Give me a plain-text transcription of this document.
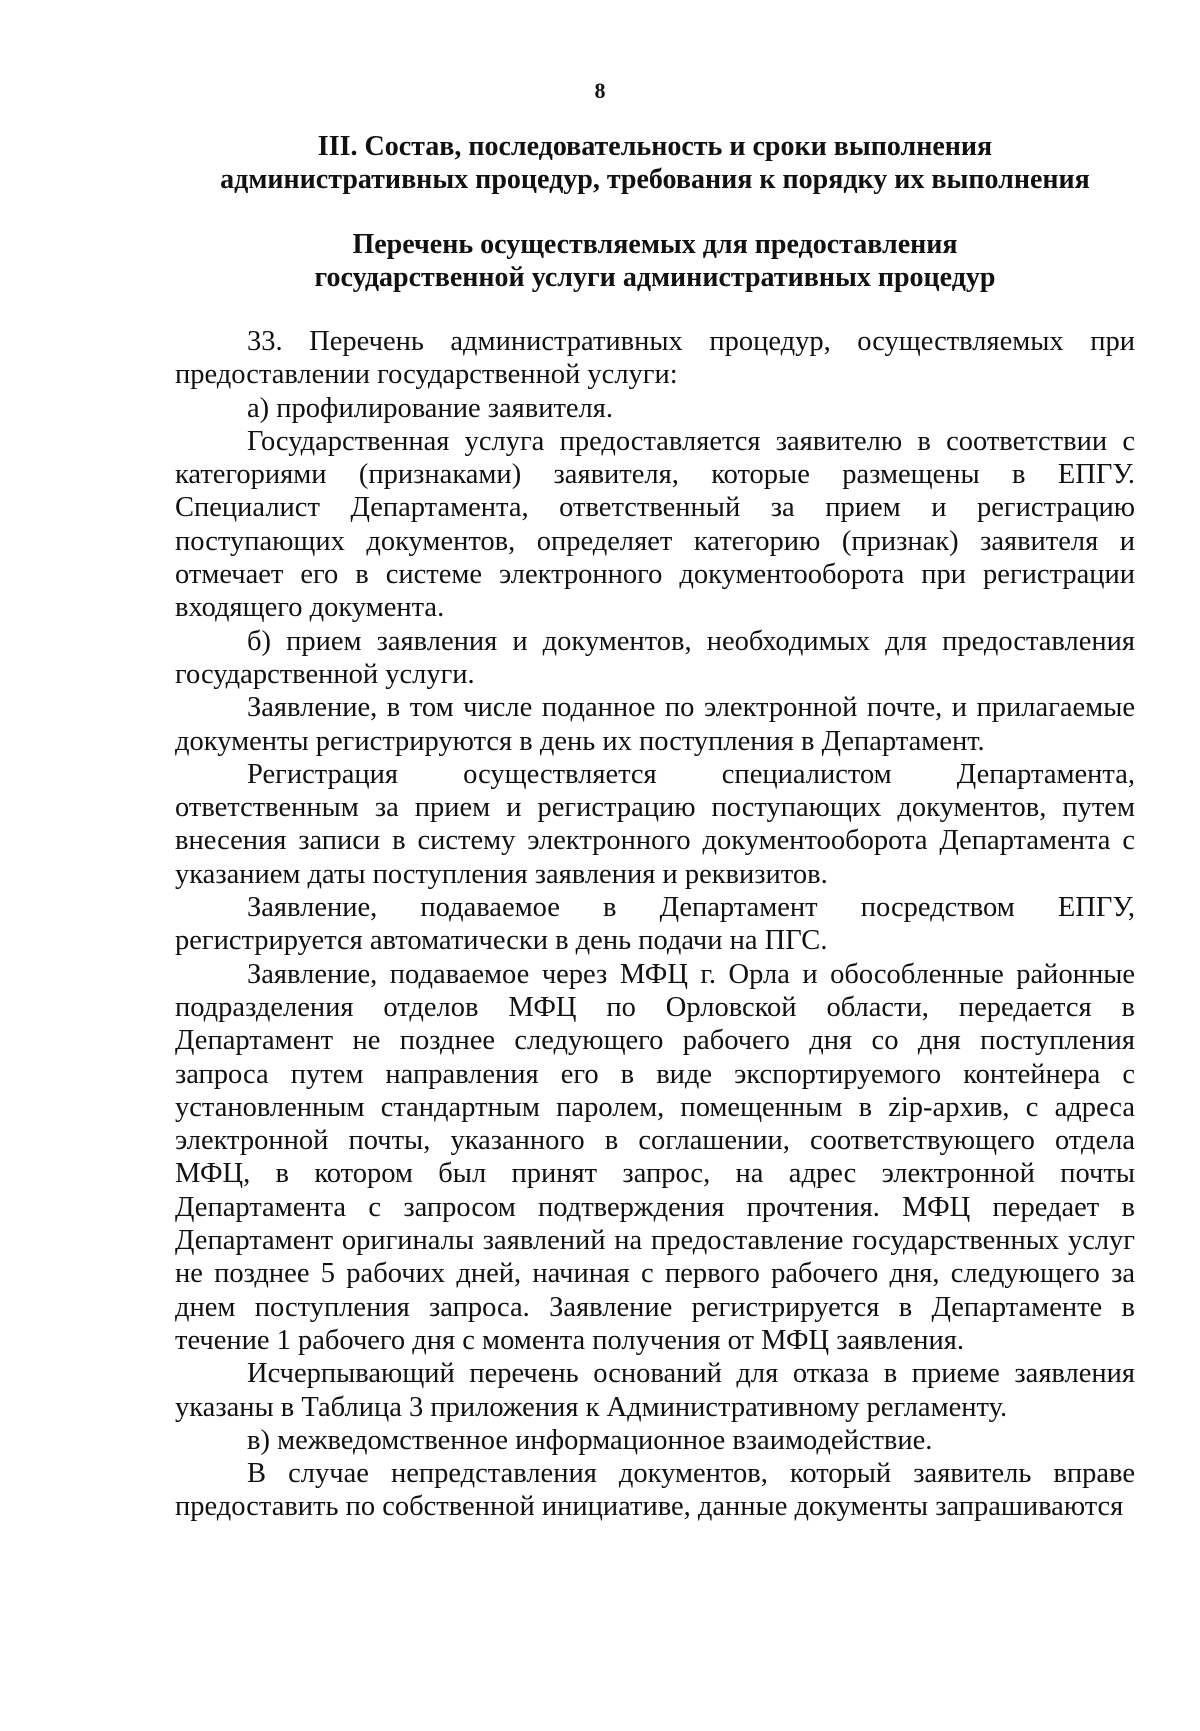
8
III. Состав, последовательность и сроки выполнения
административных процедур, требования к порядку их выполнения
Перечень осуществляемых для предоставления
государственной услуги административных процедур

33. Перечень административных процедур, осуществляемых при предоставлении государственной услуги:

а) профилирование заявителя.

Государственная услуга предоставляется заявителю в соответствии с категориями (признаками) заявителя, которые размещены в ЕПГУ. Специалист Департамента, ответственный за прием и регистрацию поступающих документов, определяет категорию (признак) заявителя и отмечает его в системе электронного документооборота при регистрации входящего документа.

б) прием заявления и документов, необходимых для предоставления государственной услуги.

Заявление, в том числе поданное по электронной почте, и прилагаемые документы регистрируются в день их поступления в Департамент.

Регистрация осуществляется специалистом Департамента, ответственным за прием и регистрацию поступающих документов, путем внесения записи в систему электронного документооборота Департамента с указанием даты поступления заявления и реквизитов.

Заявление, подаваемое в Департамент посредством ЕПГУ, регистрируется автоматически в день подачи на ПГС.

Заявление, подаваемое через МФЦ г. Орла и обособленные районные подразделения отделов МФЦ по Орловской области, передается в Департамент не позднее следующего рабочего дня со дня поступления запроса путем направления его в виде экспортируемого контейнера с установленным стандартным паролем, помещенным в zip-архив, с адреса электронной почты, указанного в соглашении, соответствующего отдела МФЦ, в котором был принят запрос, на адрес электронной почты Департамента с запросом подтверждения прочтения. МФЦ передает в Департамент оригиналы заявлений на предоставление государственных услуг не позднее 5 рабочих дней, начиная с первого рабочего дня, следующего за днем поступления запроса. Заявление регистрируется в Департаменте в течение 1 рабочего дня с момента получения от МФЦ заявления.

Исчерпывающий перечень оснований для отказа в приеме заявления указаны в Таблица 3 приложения к Административному регламенту.

в) межведомственное информационное взаимодействие.

В случае непредставления документов, который заявитель вправе предоставить по собственной инициативе, данные документы запрашиваются
